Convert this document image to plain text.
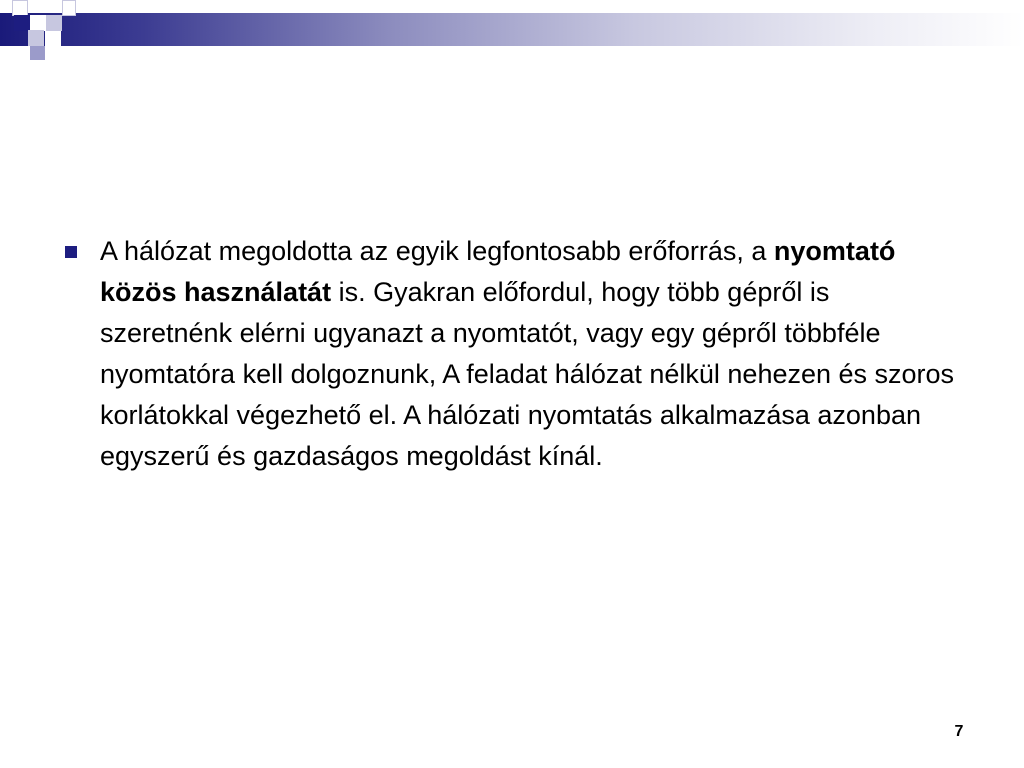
A hálózat megoldotta az egyik legfontosabb erőforrás, a nyomtató közös használatát is. Gyakran előfordul, hogy több gépről is szeretnénk elérni ugyanazt a nyomtatót, vagy egy gépről többféle nyomtatóra kell dolgoznunk, A feladat hálózat nélkül nehezen és szoros korlátokkal végezhető el. A hálózati nyomtatás alkalmazása azonban egyszerű és gazdaságos megoldást kínál.

7
